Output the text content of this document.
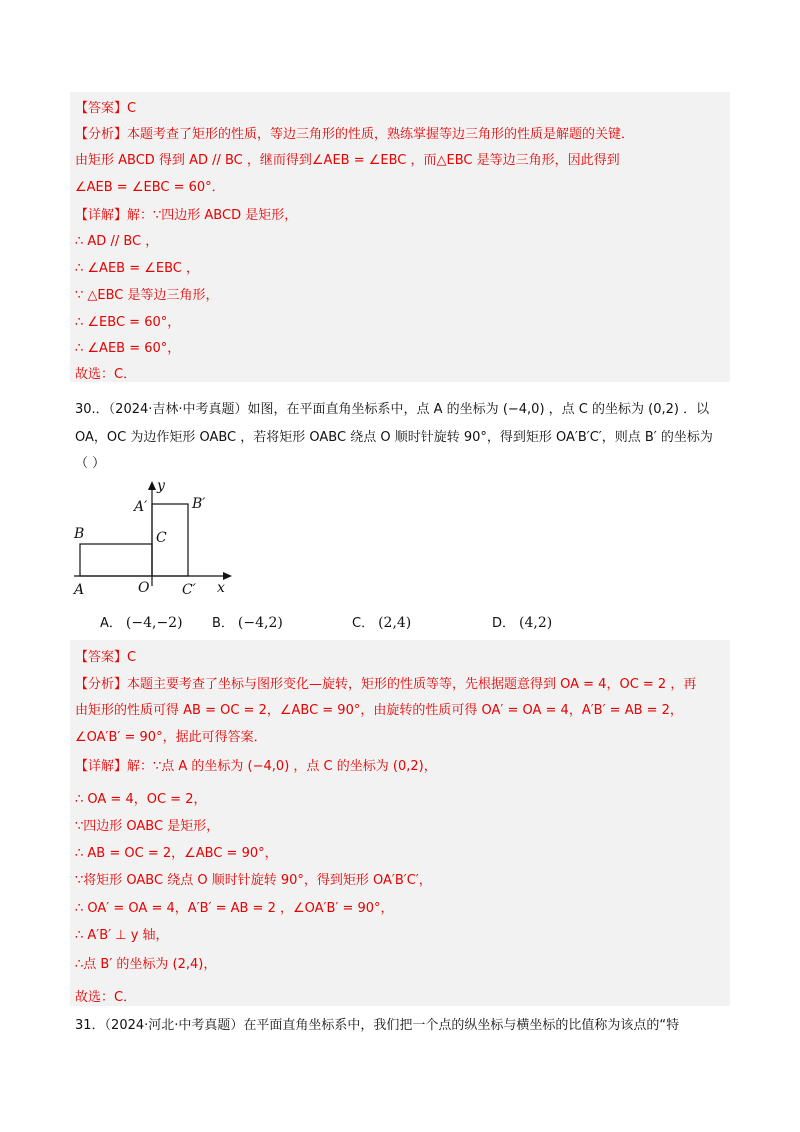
【答案】C
【分析】本题考查了矩形的性质，等边三角形的性质，熟练掌握等边三角形的性质是解题的关键．
由矩形 ABCD 得到 AD // BC ，继而得到∠AEB = ∠EBC ，而△EBC 是等边三角形，因此得到
∠AEB = ∠EBC = 60°．
【详解】解：∵四边形 ABCD 是矩形，
∴ AD // BC ，
∴ ∠AEB = ∠EBC ，
∵ △EBC 是等边三角形，
∴ ∠EBC = 60°，
∴ ∠AEB = 60°，
故选：C．
30.．（2024·吉林·中考真题）如图，在平面直角坐标系中，点 A 的坐标为 (−4,0) ，点 C 的坐标为 (0,2) ．以
OA，OC 为边作矩形 OABC ，若将矩形 OABC 绕点 O 顺时针旋转 90°，得到矩形 OA′B′C′，则点 B′ 的坐标为
（ ）
y
x
A′	B′
B	C
A	O C′
A． (−4,−2) B． (−4,2)	C． (2,4)	D． (4,2)
【答案】C
【分析】本题主要考查了坐标与图形变化—旋转，矩形的性质等等，先根据题意得到 OA = 4，OC = 2 ，再
由矩形的性质可得 AB = OC = 2，∠ABC = 90°，由旋转的性质可得 OA′ = OA = 4，A′B′ = AB = 2，
∠OA′B′ = 90°，据此可得答案．
【详解】解：∵点 A 的坐标为 (−4,0) ，点 C 的坐标为 (0,2)，
∴ OA = 4，OC = 2，
∵四边形 OABC 是矩形，
∴ AB = OC = 2，∠ABC = 90°，
∵将矩形 OABC 绕点 O 顺时针旋转 90°，得到矩形 OA′B′C′，
∴ OA′ = OA = 4，A′B′ = AB = 2 ，∠OA′B′ = 90°，
∴ A′B′ ⊥ y 轴，
∴点 B′ 的坐标为 (2,4)，
故选：C．
31．（2024·河北·中考真题）在平面直角坐标系中，我们把一个点的纵坐标与横坐标的比值称为该点的“特
